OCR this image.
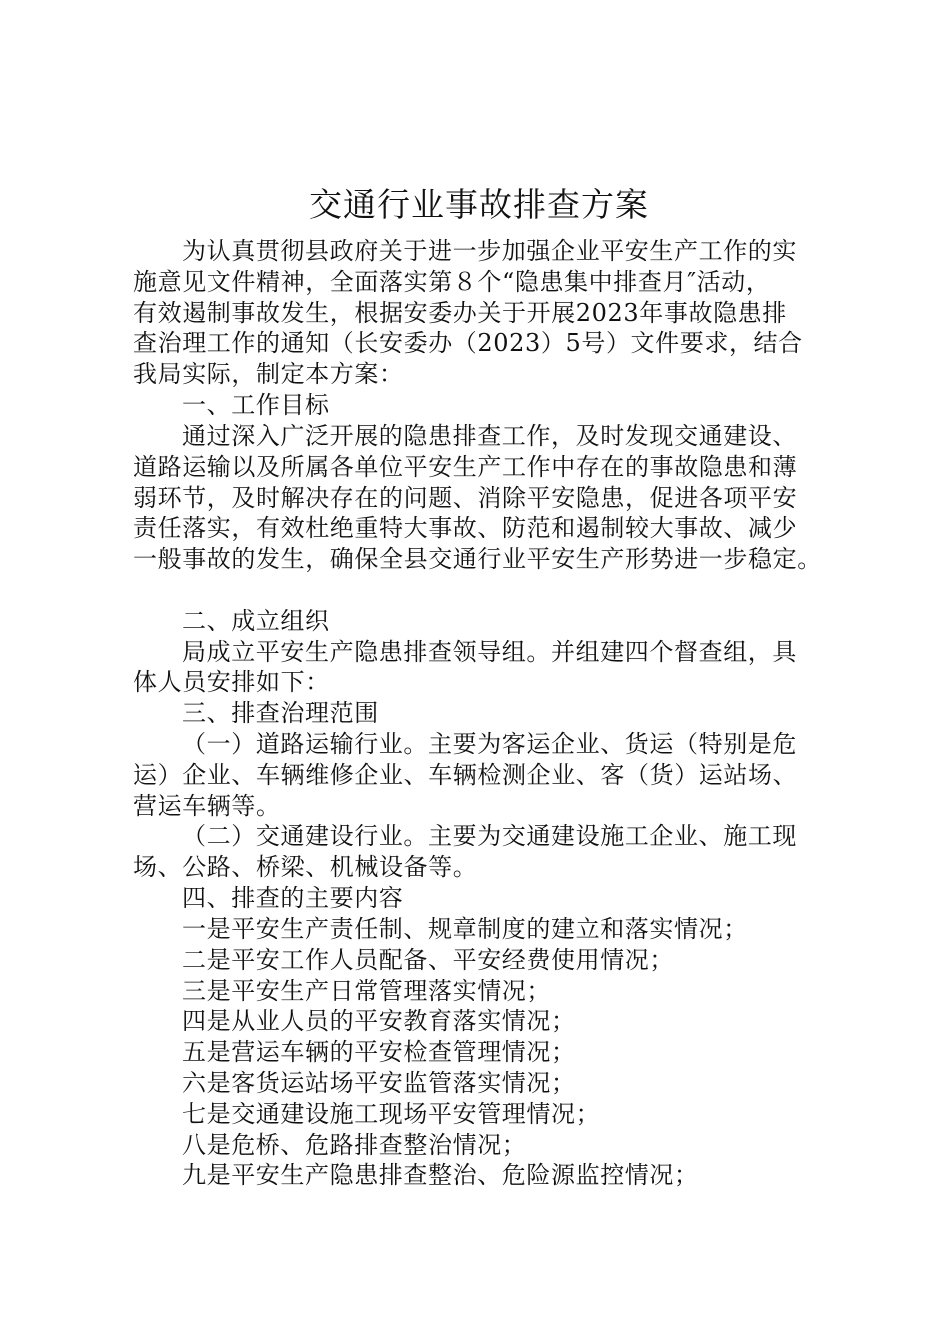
交通行业事故排查方案
为认真贯彻县政府关于进一步加强企业平安生产工作的实
施意见文件精神，全面落实第８个“隐患集中排查月″活动，
有效遏制事故发生，根据安委办关于开展2023年事故隐患排
查治理工作的通知（长安委办（2023）5号）文件要求，结合
我局实际，制定本方案：
一、工作目标
通过深入广泛开展的隐患排查工作，及时发现交通建设、
道路运输以及所属各单位平安生产工作中存在的事故隐患和薄
弱环节，及时解决存在的问题、消除平安隐患，促进各项平安
责任落实，有效杜绝重特大事故、防范和遏制较大事故、减少
一般事故的发生，确保全县交通行业平安生产形势进一步稳定。
二、成立组织
局成立平安生产隐患排查领导组。并组建四个督查组，具
体人员安排如下：
三、排查治理范围
（一）道路运输行业。主要为客运企业、货运（特别是危
运）企业、车辆维修企业、车辆检测企业、客（货）运站场、
营运车辆等。
（二）交通建设行业。主要为交通建设施工企业、施工现
场、公路、桥梁、机械设备等。
四、排查的主要内容
一是平安生产责任制、规章制度的建立和落实情况；
二是平安工作人员配备、平安经费使用情况；
三是平安生产日常管理落实情况；
四是从业人员的平安教育落实情况；
五是营运车辆的平安检查管理情况；
六是客货运站场平安监管落实情况；
七是交通建设施工现场平安管理情况；
八是危桥、危路排查整治情况；
九是平安生产隐患排查整治、危险源监控情况；
